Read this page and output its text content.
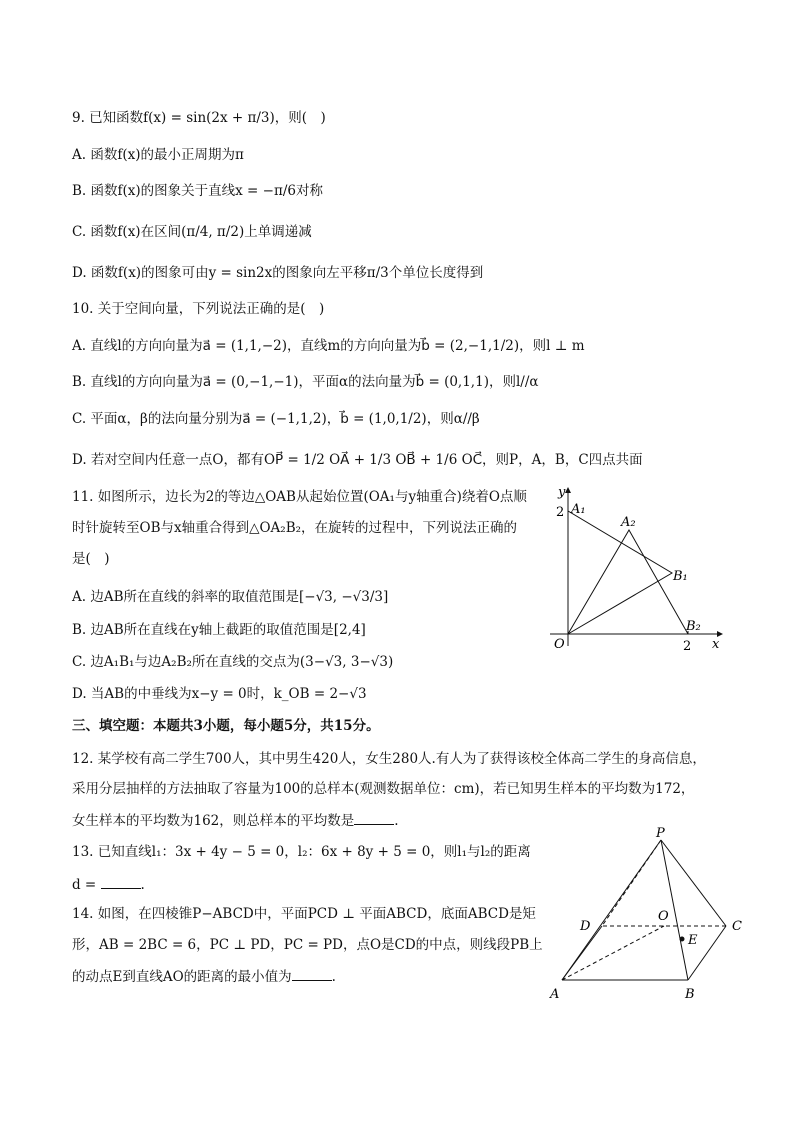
9. 已知函数f(x) = sin(2x + π/3)，则(　)
A. 函数f(x)的最小正周期为π
B. 函数f(x)的图象关于直线x = −π/6对称
C. 函数f(x)在区间(π/4, π/2)上单调递减
D. 函数f(x)的图象可由y = sin2x的图象向左平移π/3个单位长度得到
10. 关于空间向量，下列说法正确的是(　)
A. 直线l的方向向量为a⃗ = (1,1,−2)，直线m的方向向量为b⃗ = (2,−1,1/2)，则l ⊥ m
B. 直线l的方向向量为a⃗ = (0,−1,−1)，平面α的法向量为b⃗ = (0,1,1)，则l//α
C. 平面α，β的法向量分别为a⃗ = (−1,1,2)，b⃗ = (1,0,1/2)，则α//β
D. 若对空间内任意一点O，都有OP⃗ = 1/2 OA⃗ + 1/3 OB⃗ + 1/6 OC⃗，则P，A，B，C四点共面
11. 如图所示，边长为2的等边△OAB从起始位置(OA₁与y轴重合)绕着O点顺
时针旋转至OB与x轴重合得到△OA₂B₂，在旋转的过程中，下列说法正确的
是(　)
A. 边AB所在直线的斜率的取值范围是[−√3, −√3/3]
B. 边AB所在直线在y轴上截距的取值范围是[2,4]
C. 边A₁B₁与边A₂B₂所在直线的交点为(3−√3, 3−√3)
D. 当AB的中垂线为x−y = 0时，k_OB = 2−√3
y
x
O
2
2
A₁
A₂
B₁
B₂
三、填空题：本题共3小题，每小题5分，共15分。
12. 某学校有高二学生700人，其中男生420人，女生280人.有人为了获得该校全体高二学生的身高信息，
采用分层抽样的方法抽取了容量为100的总样本(观测数据单位：cm)，若已知男生样本的平均数为172，
女生样本的平均数为162，则总样本的平均数是	.
13. 已知直线l₁：3x + 4y − 5 = 0，l₂：6x + 8y + 5 = 0，则l₁与l₂的距离
d =	.
14. 如图，在四棱锥P−ABCD中，平面PCD ⊥ 平面ABCD，底面ABCD是矩
形，AB = 2BC = 6，PC ⊥ PD，PC = PD，点O是CD的中点，则线段PB上
的动点E到直线AO的距离的最小值为	.
P
D
O
C
E
A	B
